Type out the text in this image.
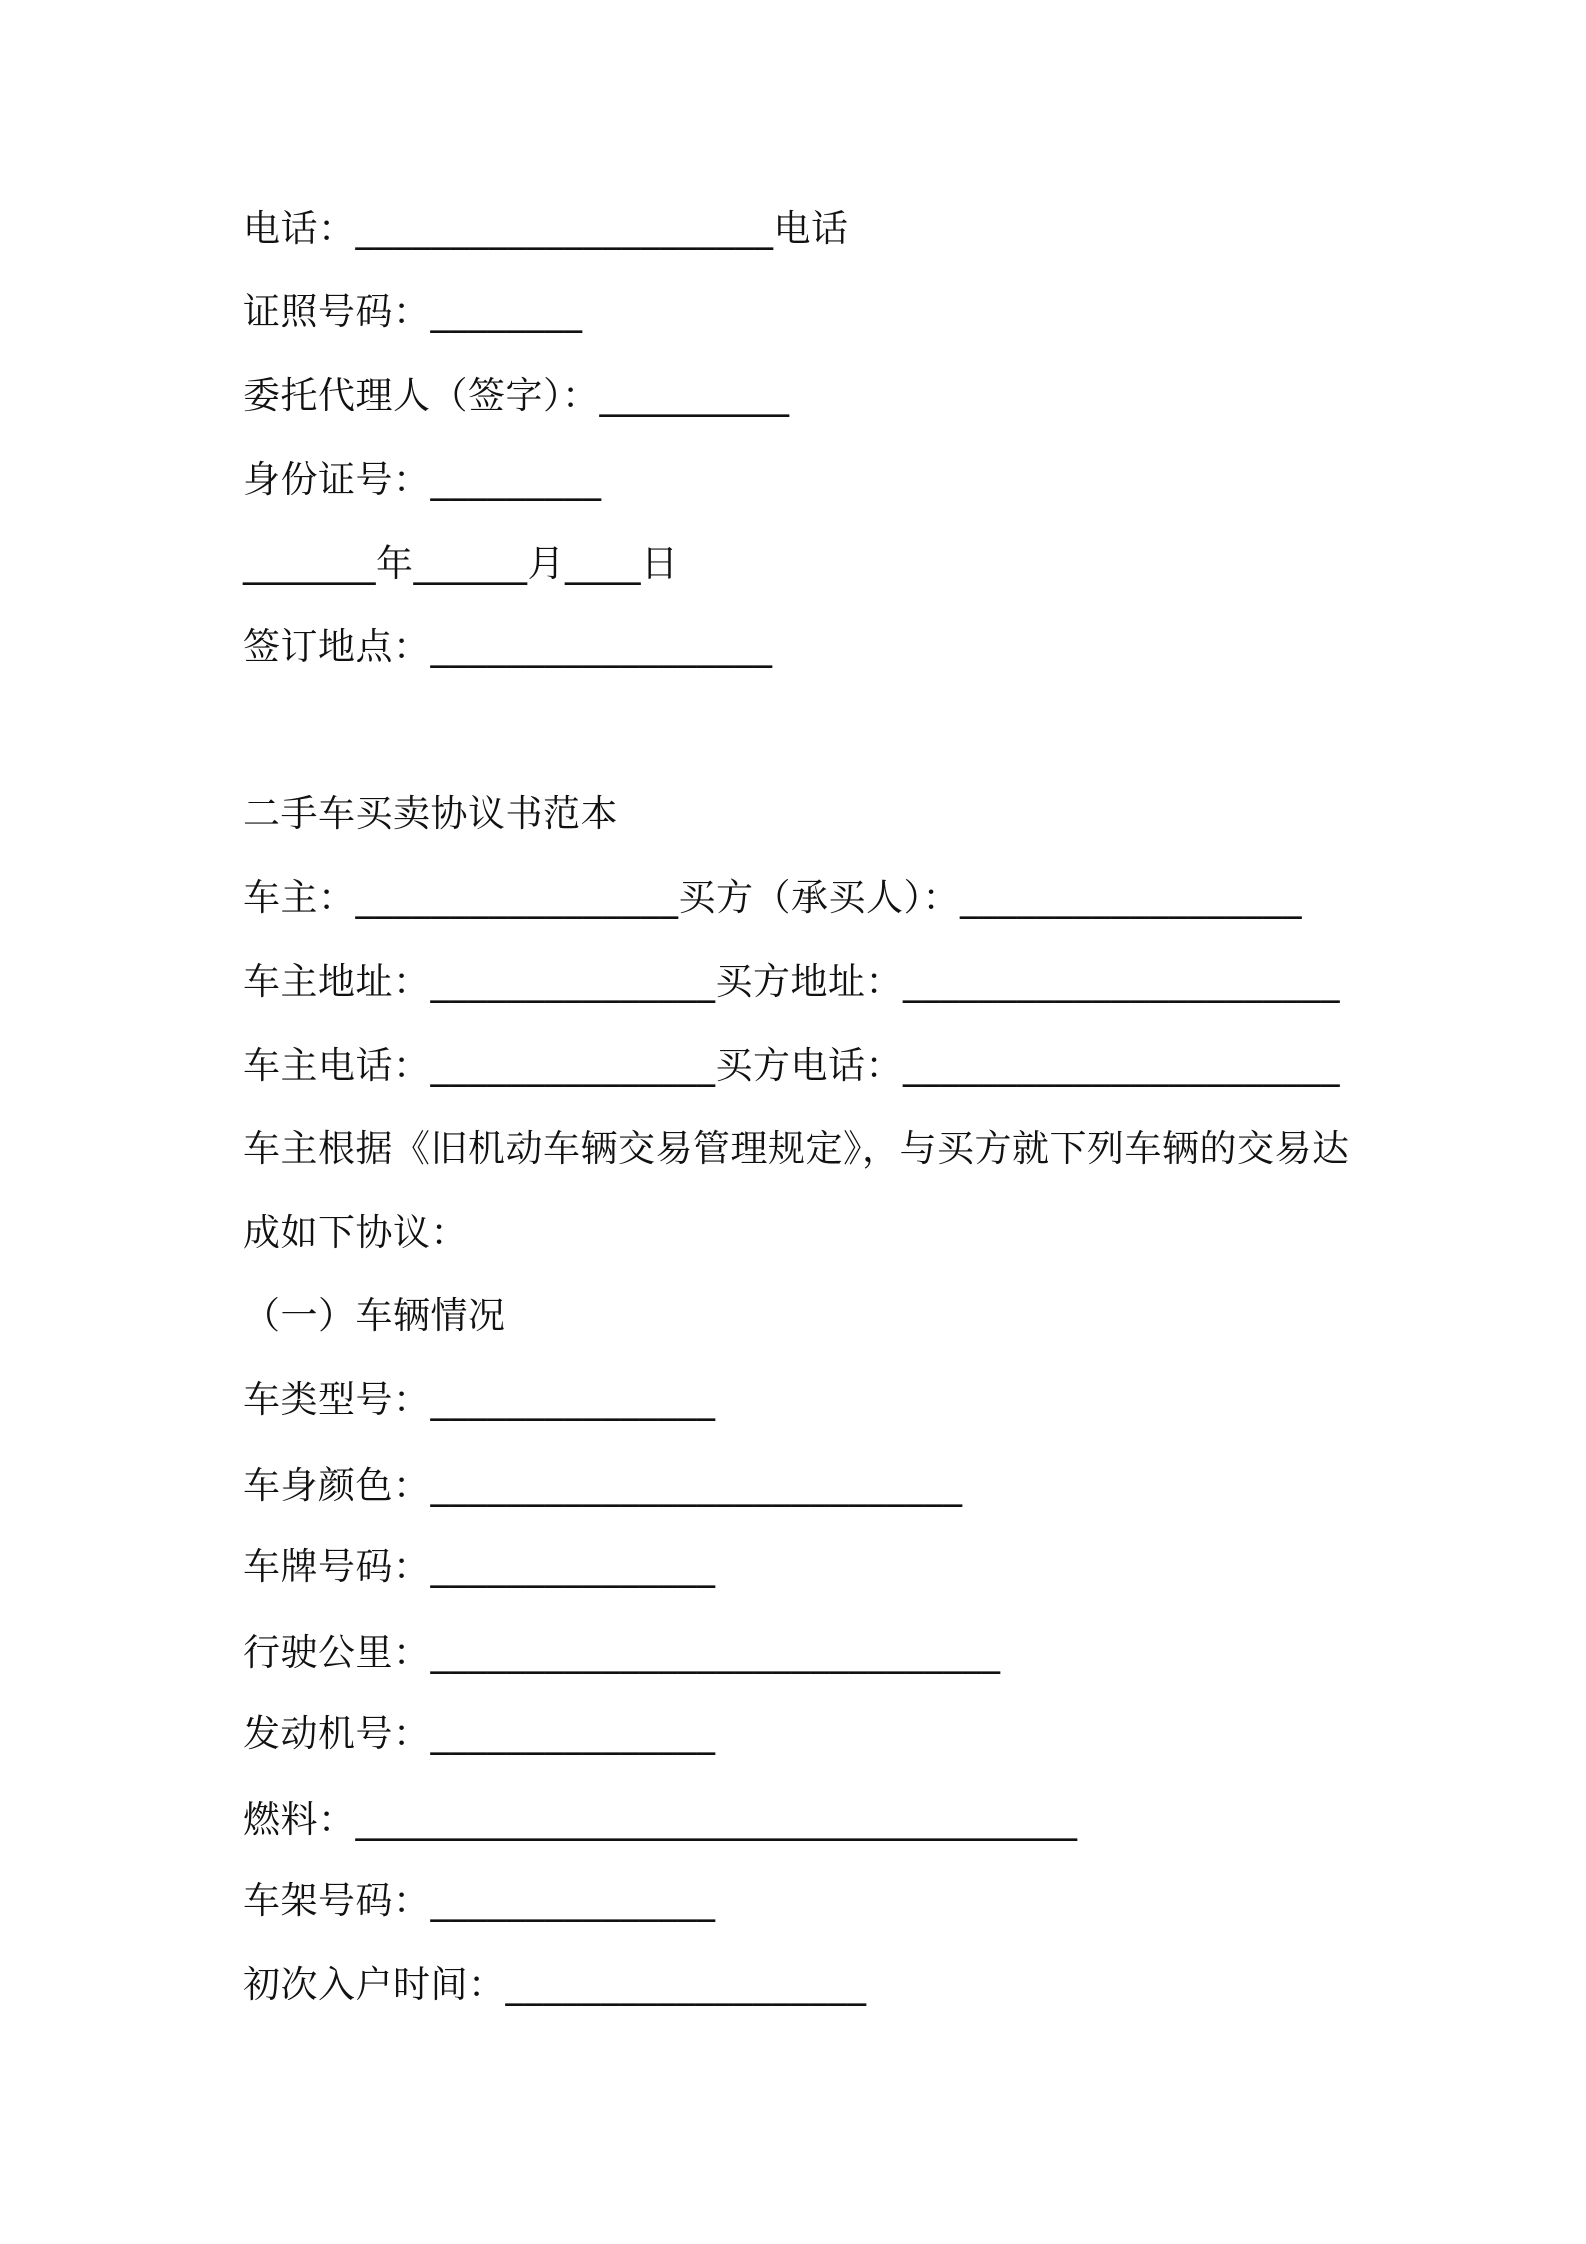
电话：______________________电话
证照号码：________
委托代理人（签字）：__________
身份证号：_________
_______年______月____日
签订地点：__________________
二手车买卖协议书范本
车主：_________________买方（承买人）：__________________
车主地址：_______________买方地址：_______________________
车主电话：_______________买方电话：_______________________
车主根据《旧机动车辆交易管理规定》，与买方就下列车辆的交易达
成如下协议：
（一）车辆情况
车类型号：_______________
车身颜色：____________________________
车牌号码：_______________
行驶公里：______________________________
发动机号：_______________
燃料：______________________________________
车架号码：_______________
初次入户时间：___________________
